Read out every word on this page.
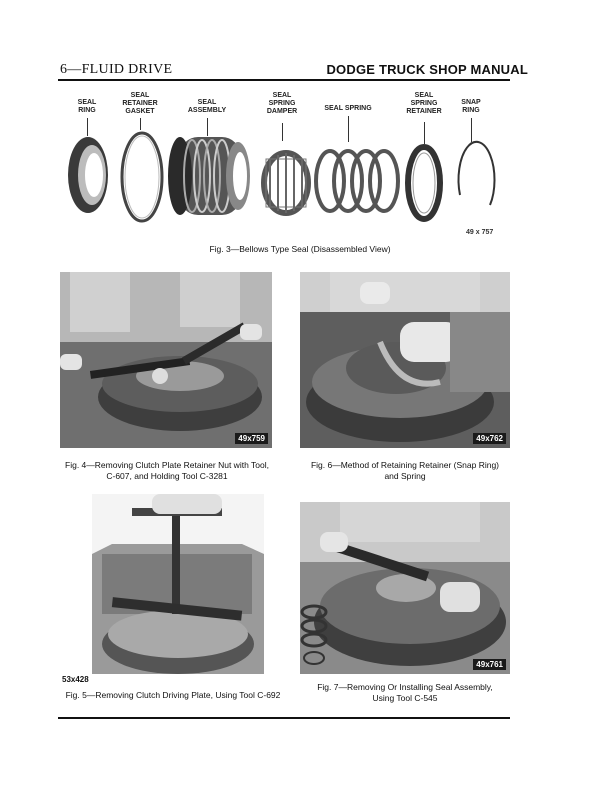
6—FLUID DRIVE	DODGE TRUCK SHOP MANUAL
SEAL
RING
SEAL
RETAINER
GASKET
SEAL
ASSEMBLY
SEAL
SPRING
DAMPER	SEAL SPRING
SEAL
SPRING
RETAINER
SNAP
RING
49 x 757
Fig. 3—Bellows Type Seal (Disassembled View)
49x759
Fig. 4—Removing Clutch Plate Retainer Nut with Tool,
C-607, and Holding Tool C-3281
49x762
Fig. 6—Method of Retaining Retainer (Snap Ring)
and Spring
53x428
Fig. 5—Removing Clutch Driving Plate, Using Tool C-692
49x761
Fig. 7—Removing Or Installing Seal Assembly,
Using Tool C-545
